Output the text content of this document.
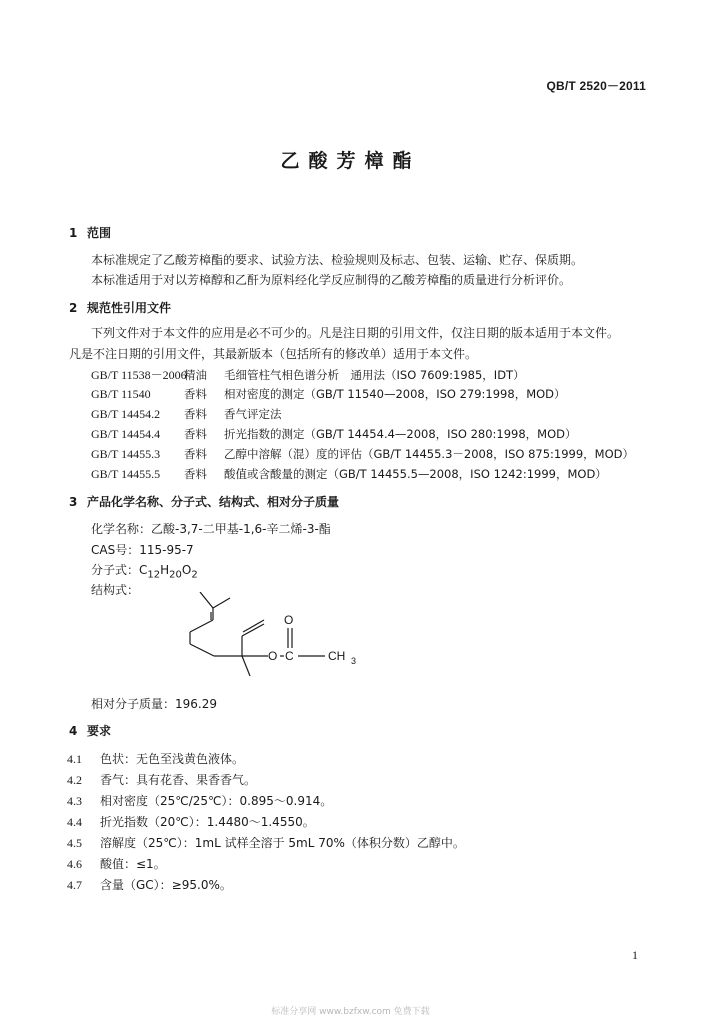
QB/T 2520－2011
乙酸芳樟酯
1 范围
本标准规定了乙酸芳樟酯的要求、试验方法、检验规则及标志、包装、运输、贮存、保质期。
本标准适用于对以芳樟醇和乙酐为原料经化学反应制得的乙酸芳樟酯的质量进行分析评价。
2 规范性引用文件
下列文件对于本文件的应用是必不可少的。凡是注日期的引用文件，仅注日期的版本适用于本文件。
凡是不注日期的引用文件，其最新版本（包括所有的修改单）适用于本文件。
GB/T 11538－2006精油 毛细管柱气相色谱分析　通用法（ISO 7609:1985，IDT）
GB/T 11540	香料 相对密度的测定（GB/T 11540—2008，ISO 279:1998，MOD）
GB/T 14454.2 香料 香气评定法
GB/T 14454.4 香料 折光指数的测定（GB/T 14454.4—2008，ISO 280:1998，MOD）
GB/T 14455.3 香料 乙醇中溶解（混）度的评估（GB/T 14455.3－2008，ISO 875:1999，MOD）
GB/T 14455.5 香料 酸值或含酸量的测定（GB/T 14455.5—2008，ISO 1242:1999，MOD）
3 产品化学名称、分子式、结构式、相对分子质量
化学名称：乙酸-3,7-二甲基-1,6-辛二烯-3-酯
CAS号：115-95-7
分子式：$C_{12}H_{20}O_2$
结构式：
O
O C	CH 3
相对分子质量：196.29
4 要求
4.1 色状：无色至浅黄色液体。
4.2 香气：具有花香、果香香气。
4.3 相对密度（25℃/25℃）：0.895～0.914。
4.4 折光指数（20℃）：1.4480～1.4550。
4.5 溶解度（25℃）：1mL 试样全溶于 5mL 70%（体积分数）乙醇中。
4.6 酸值：≤1。
4.7 含量（GC）：≥95.0%。
1
标准分享网 www.bzfxw.com 免费下载
